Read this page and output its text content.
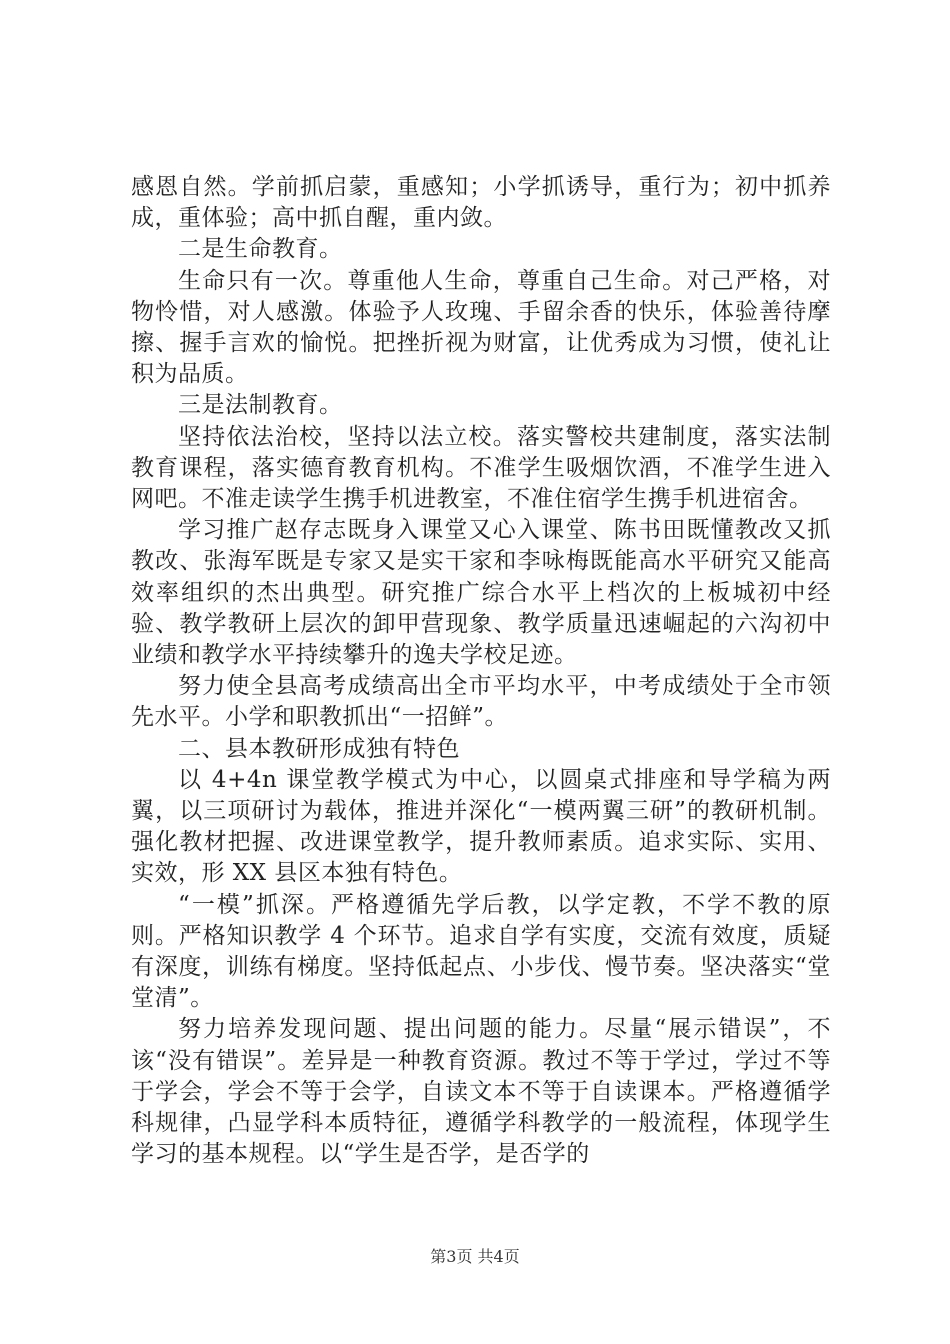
感恩自然。学前抓启蒙，重感知；小学抓诱导，重行为；初中抓养成，重体验；高中抓自醒，重内敛。

二是生命教育。

生命只有一次。尊重他人生命，尊重自己生命。对己严格，对物怜惜，对人感激。体验予人玫瑰、手留余香的快乐，体验善待摩擦、握手言欢的愉悦。把挫折视为财富，让优秀成为习惯，使礼让积为品质。

三是法制教育。

坚持依法治校，坚持以法立校。落实警校共建制度，落实法制教育课程，落实德育教育机构。不准学生吸烟饮酒，不准学生进入网吧。不准走读学生携手机进教室，不准住宿学生携手机进宿舍。

学习推广赵存志既身入课堂又心入课堂、陈书田既懂教改又抓教改、张海军既是专家又是实干家和李咏梅既能高水平研究又能高效率组织的杰出典型。研究推广综合水平上档次的上板城初中经验、教学教研上层次的卸甲营现象、教学质量迅速崛起的六沟初中业绩和教学水平持续攀升的逸夫学校足迹。

努力使全县高考成绩高出全市平均水平，中考成绩处于全市领先水平。小学和职教抓出“一招鲜”。

二、县本教研形成独有特色

以 4+4n 课堂教学模式为中心，以圆桌式排座和导学稿为两翼，以三项研讨为载体，推进并深化“一模两翼三研”的教研机制。强化教材把握、改进课堂教学，提升教师素质。追求实际、实用、实效，形 XX 县区本独有特色。

“一模”抓深。严格遵循先学后教，以学定教，不学不教的原则。严格知识教学 4 个环节。追求自学有实度，交流有效度，质疑有深度，训练有梯度。坚持低起点、小步伐、慢节奏。坚决落实“堂堂清”。

努力培养发现问题、提出问题的能力。尽量“展示错误”，不该“没有错误”。差异是一种教育资源。教过不等于学过，学过不等于学会，学会不等于会学，自读文本不等于自读课本。严格遵循学科规律，凸显学科本质特征，遵循学科教学的一般流程，体现学生学习的基本规程。以“学生是否学，是否学的

第3页 共4页
